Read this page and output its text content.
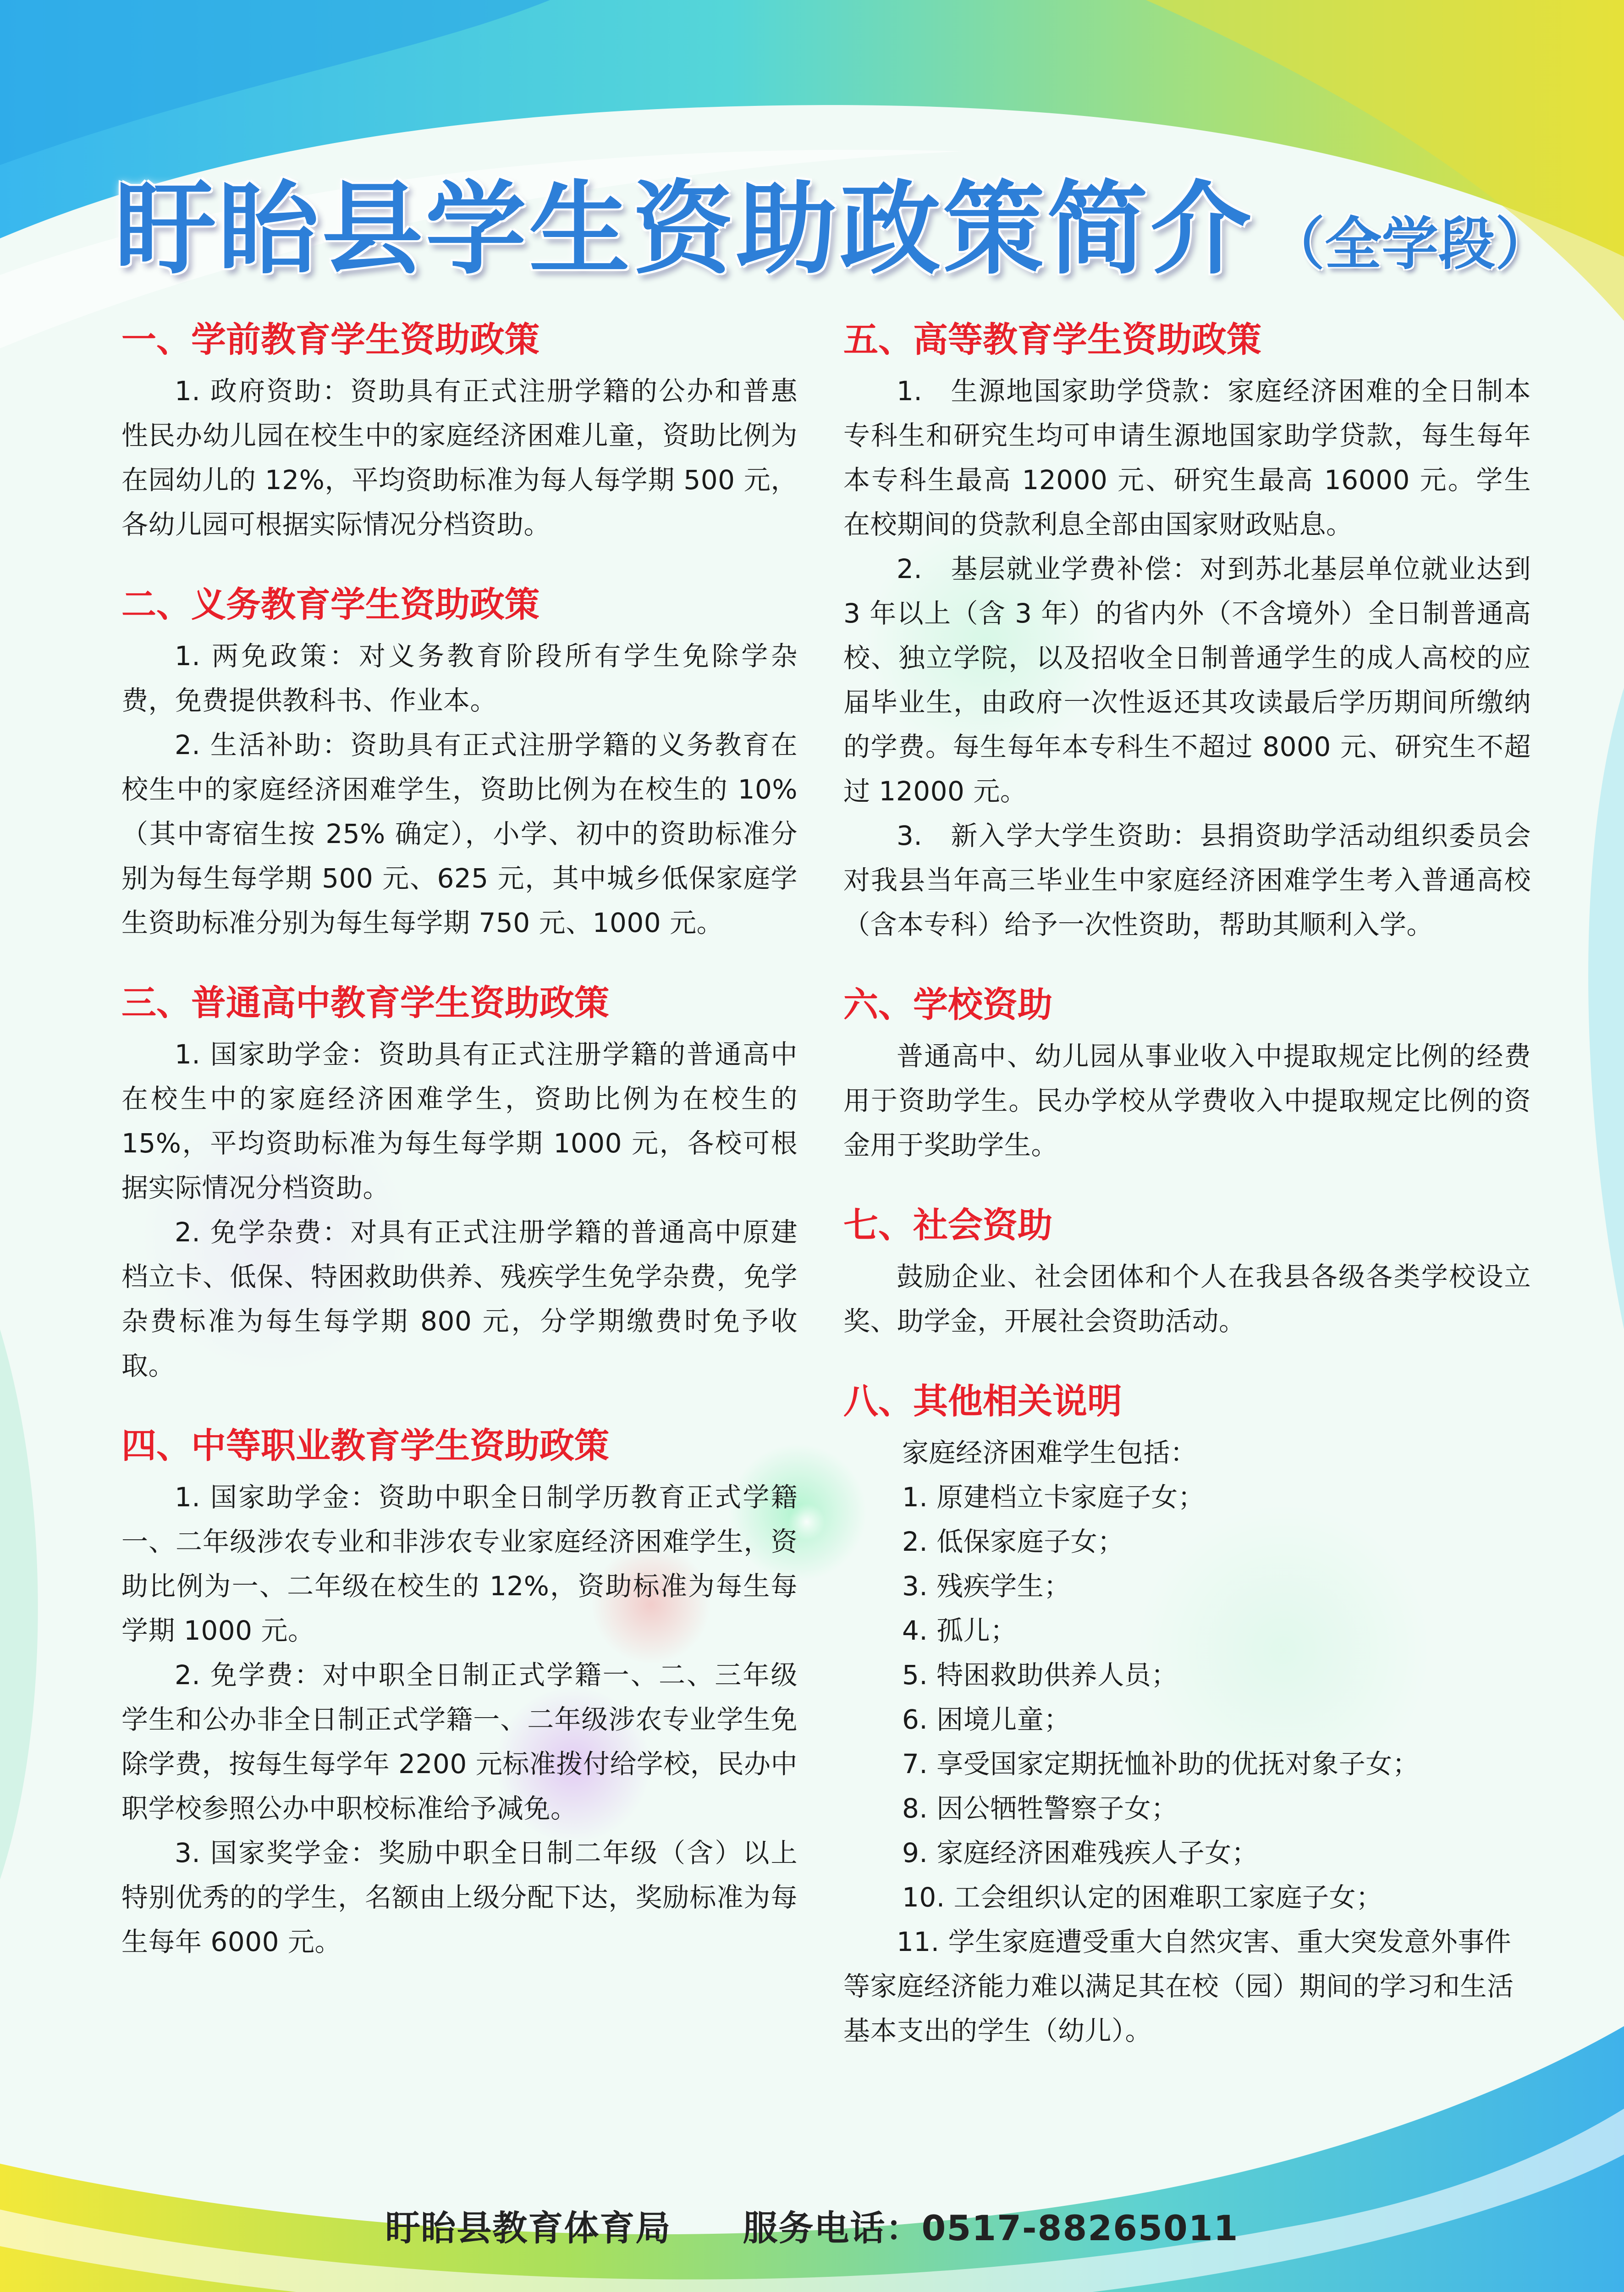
盱眙县学生资助政策简介 （全学段）
一、学前教育学生资助政策

1. 政府资助：资助具有正式注册学籍的公办和普惠性民办幼儿园在校生中的家庭经济困难儿童，资助比例为在园幼儿的 12%，平均资助标准为每人每学期 500 元，各幼儿园可根据实际情况分档资助。

二、义务教育学生资助政策

1. 两免政策：对义务教育阶段所有学生免除学杂费，免费提供教科书、作业本。

2. 生活补助：资助具有正式注册学籍的义务教育在校生中的家庭经济困难学生，资助比例为在校生的 10%（其中寄宿生按 25% 确定），小学、初中的资助标准分别为每生每学期 500 元、625 元，其中城乡低保家庭学生资助标准分别为每生每学期 750 元、1000 元。

三、普通高中教育学生资助政策

1. 国家助学金：资助具有正式注册学籍的普通高中在校生中的家庭经济困难学生，资助比例为在校生的 15%，平均资助标准为每生每学期 1000 元，各校可根据实际情况分档资助。

2. 免学杂费：对具有正式注册学籍的普通高中原建档立卡、低保、特困救助供养、残疾学生免学杂费，免学杂费标准为每生每学期 800 元，分学期缴费时免予收取。

四、中等职业教育学生资助政策

1. 国家助学金：资助中职全日制学历教育正式学籍一、二年级涉农专业和非涉农专业家庭经济困难学生，资助比例为一、二年级在校生的 12%，资助标准为每生每学期 1000 元。

2. 免学费：对中职全日制正式学籍一、二、三年级学生和公办非全日制正式学籍一、二年级涉农专业学生免除学费，按每生每学年 2200 元标准拨付给学校，民办中职学校参照公办中职校标准给予减免。

3. 国家奖学金：奖励中职全日制二年级（含）以上特别优秀的的学生，名额由上级分配下达，奖励标准为每生每年 6000 元。

五、高等教育学生资助政策

1.　生源地国家助学贷款：家庭经济困难的全日制本专科生和研究生均可申请生源地国家助学贷款，每生每年本专科生最高 12000 元、研究生最高 16000 元。学生在校期间的贷款利息全部由国家财政贴息。

2.　基层就业学费补偿：对到苏北基层单位就业达到 3 年以上（含 3 年）的省内外（不含境外）全日制普通高校、独立学院，以及招收全日制普通学生的成人高校的应届毕业生，由政府一次性返还其攻读最后学历期间所缴纳的学费。每生每年本专科生不超过 8000 元、研究生不超过 12000 元。

3.　新入学大学生资助：县捐资助学活动组织委员会对我县当年高三毕业生中家庭经济困难学生考入普通高校（含本专科）给予一次性资助，帮助其顺利入学。

六、学校资助

普通高中、幼儿园从事业收入中提取规定比例的经费用于资助学生。民办学校从学费收入中提取规定比例的资金用于奖助学生。

七、社会资助

鼓励企业、社会团体和个人在我县各级各类学校设立奖、助学金，开展社会资助活动。

八、其他相关说明

家庭经济困难学生包括：

1. 原建档立卡家庭子女；

2. 低保家庭子女；

3. 残疾学生；

4. 孤儿；

5. 特困救助供养人员；

6. 困境儿童；

7. 享受国家定期抚恤补助的优抚对象子女；

8. 因公牺牲警察子女；

9. 家庭经济困难残疾人子女；

10. 工会组织认定的困难职工家庭子女；

11. 学生家庭遭受重大自然灾害、重大突发意外事件等家庭经济能力难以满足其在校（园）期间的学习和生活基本支出的学生（幼儿）。

盱眙县教育体育局　　 服务电话：0517-88265011
